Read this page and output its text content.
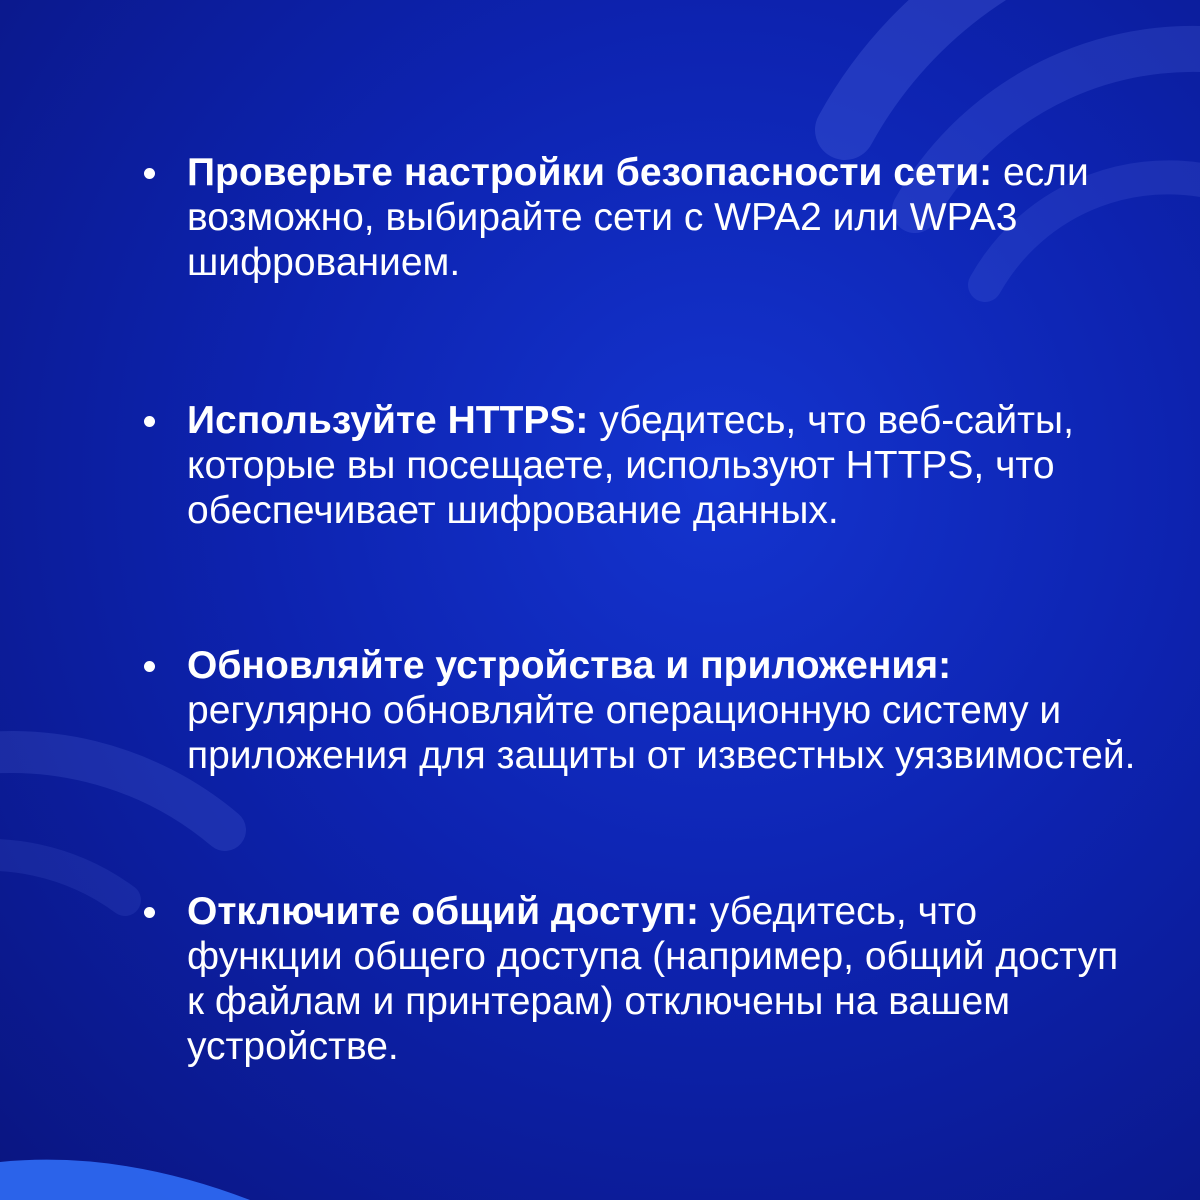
Проверьте настройки безопасности сети: если возможно, выбирайте сети с WPA2 или WPA3 шифрованием.
Используйте HTTPS: убедитесь, что веб-сайты, которые вы посещаете, используют HTTPS, что обеспечивает шифрование данных.
Обновляйте устройства и приложения: регулярно обновляйте операционную систему и приложения для защиты от известных уязвимостей.
Отключите общий доступ: убедитесь, что функции общего доступа (например, общий доступ к файлам и принтерам) отключены на вашем устройстве.
